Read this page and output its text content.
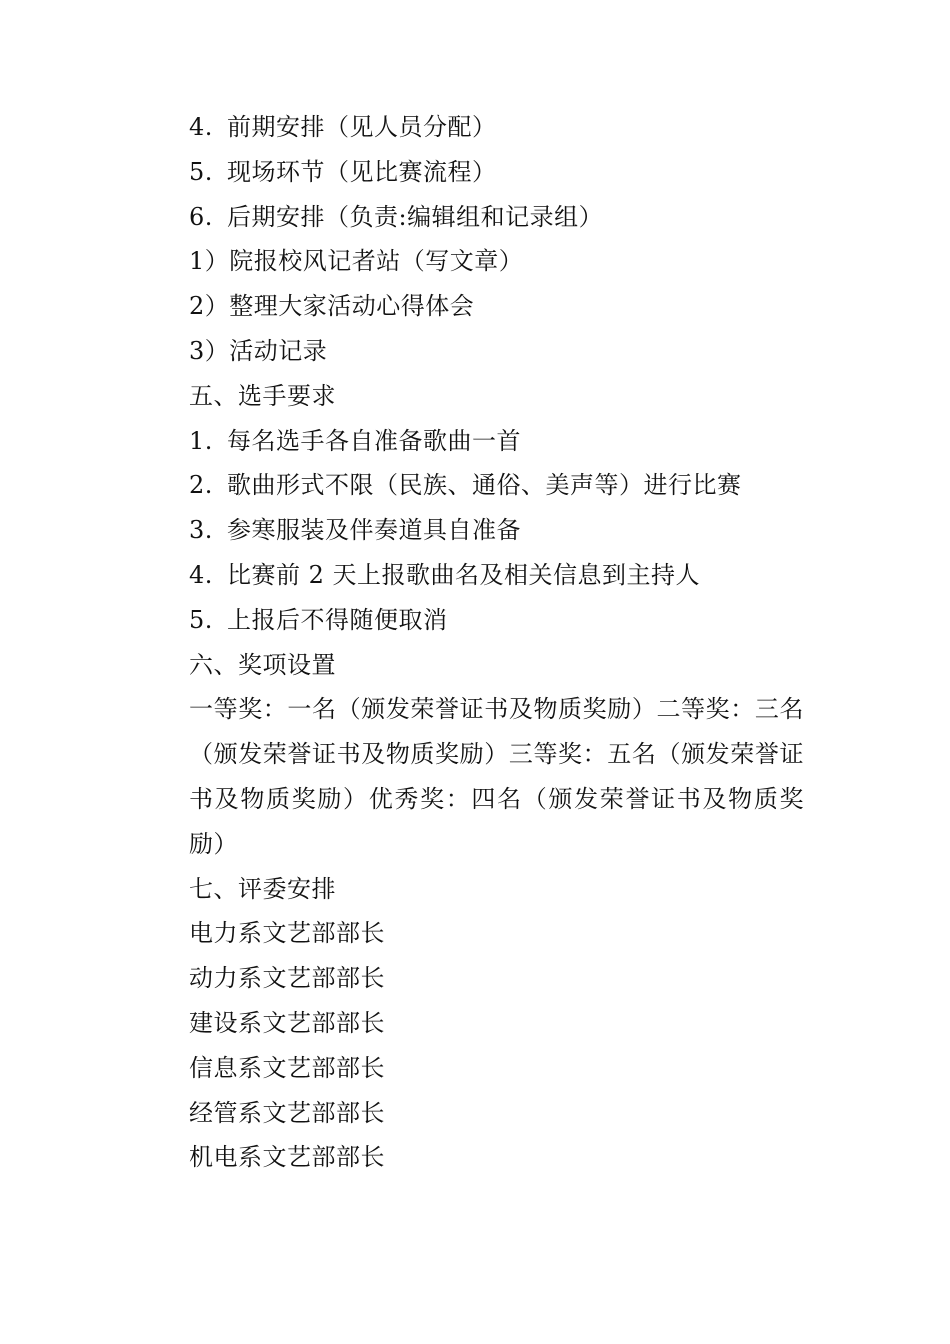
4. 前期安排（见人员分配）
5. 现场环节（见比赛流程）
6. 后期安排（负责:编辑组和记录组）
1）院报校风记者站（写文章）
2）整理大家活动心得体会
3）活动记录
五、选手要求
1. 每名选手各自准备歌曲一首
2. 歌曲形式不限（民族、通俗、美声等）进行比赛
3. 参寒服装及伴奏道具自准备
4. 比赛前 2 天上报歌曲名及相关信息到主持人
5. 上报后不得随便取消
六、奖项设置
一等奖：一名（颁发荣誉证书及物质奖励）二等奖：三名（颁发荣誉证书及物质奖励）三等奖：五名（颁发荣誉证书及物质奖励）优秀奖：四名（颁发荣誉证书及物质奖励）
七、评委安排
电力系文艺部部长
动力系文艺部部长
建设系文艺部部长
信息系文艺部部长
经管系文艺部部长
机电系文艺部部长
